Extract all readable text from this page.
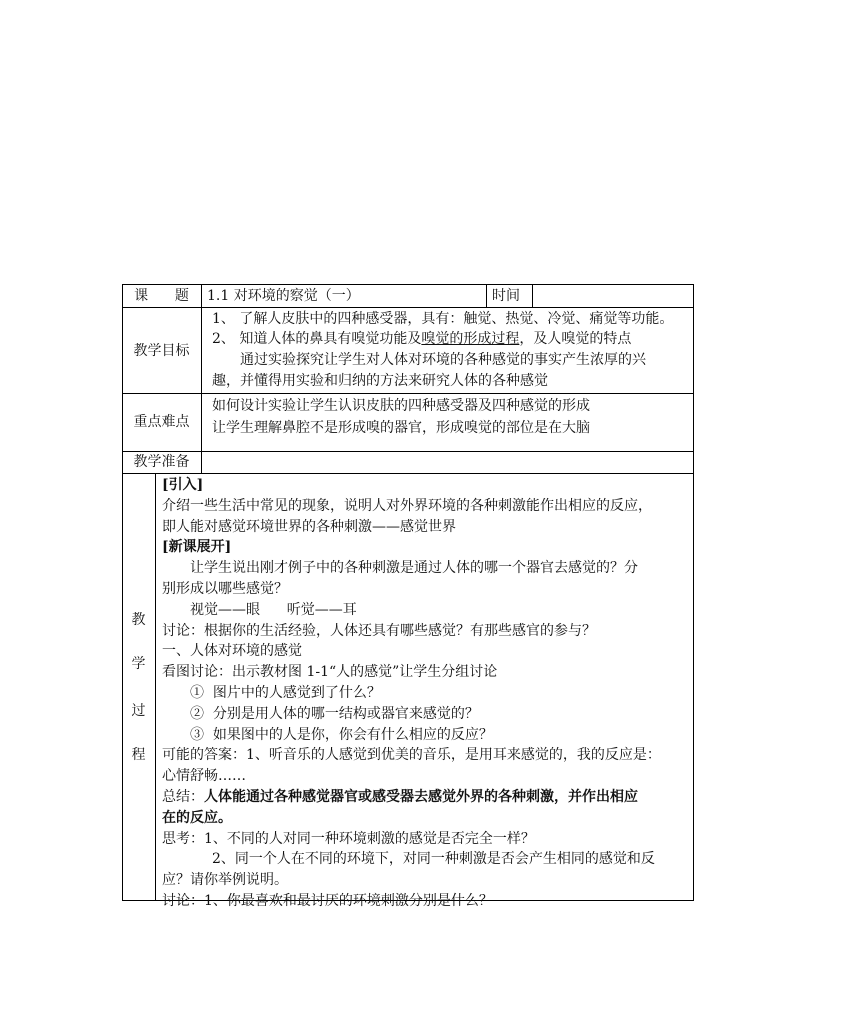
课      题	1.1 对环境的察觉（一）	时间
教学目标
1、 了解人皮肤中的四种感受器，具有：触觉、热觉、冷觉、痛觉等功能。
2、 知道人体的鼻具有嗅觉功能及嗅觉的形成过程，及人嗅觉的特点
通过实验探究让学生对人体对环境的各种感觉的事实产生浓厚的兴
趣，并懂得用实验和归纳的方法来研究人体的各种感觉
重点难点
如何设计实验让学生认识皮肤的四种感受器及四种感觉的形成
让学生理解鼻腔不是形成嗅的器官，形成嗅觉的部位是在大脑
教学准备
教
学
过
程
总结：人体能通过各种感觉器官或感受器去感觉外界的各种刺激，并作出相应
在的反应。
[引入]
介绍一些生活中常见的现象，说明人对外界环境的各种刺激能作出相应的反应，
即人能对感觉环境世界的各种刺激——感觉世界
[新课展开]
让学生说出刚才例子中的各种刺激是通过人体的哪一个器官去感觉的？分
别形成以哪些感觉？
视觉——眼      听觉——耳
讨论：根据你的生活经验，人体还具有哪些感觉？有那些感官的参与？
一、人体对环境的感觉
看图讨论：出示教材图 1-1“人的感觉”让学生分组讨论
①  图片中的人感觉到了什么？
②  分别是用人体的哪一结构或器官来感觉的？
③  如果图中的人是你，你会有什么相应的反应？
可能的答案：1、听音乐的人感觉到优美的音乐，是用耳来感觉的，我的反应是：
心情舒畅……
思考：1、不同的人对同一种环境刺激的感觉是否完全一样？
2、同一个人在不同的环境下，对同一种刺激是否会产生相同的感觉和反
应？请你举例说明。
讨论：1、你最喜欢和最讨厌的环境刺激分别是什么？
